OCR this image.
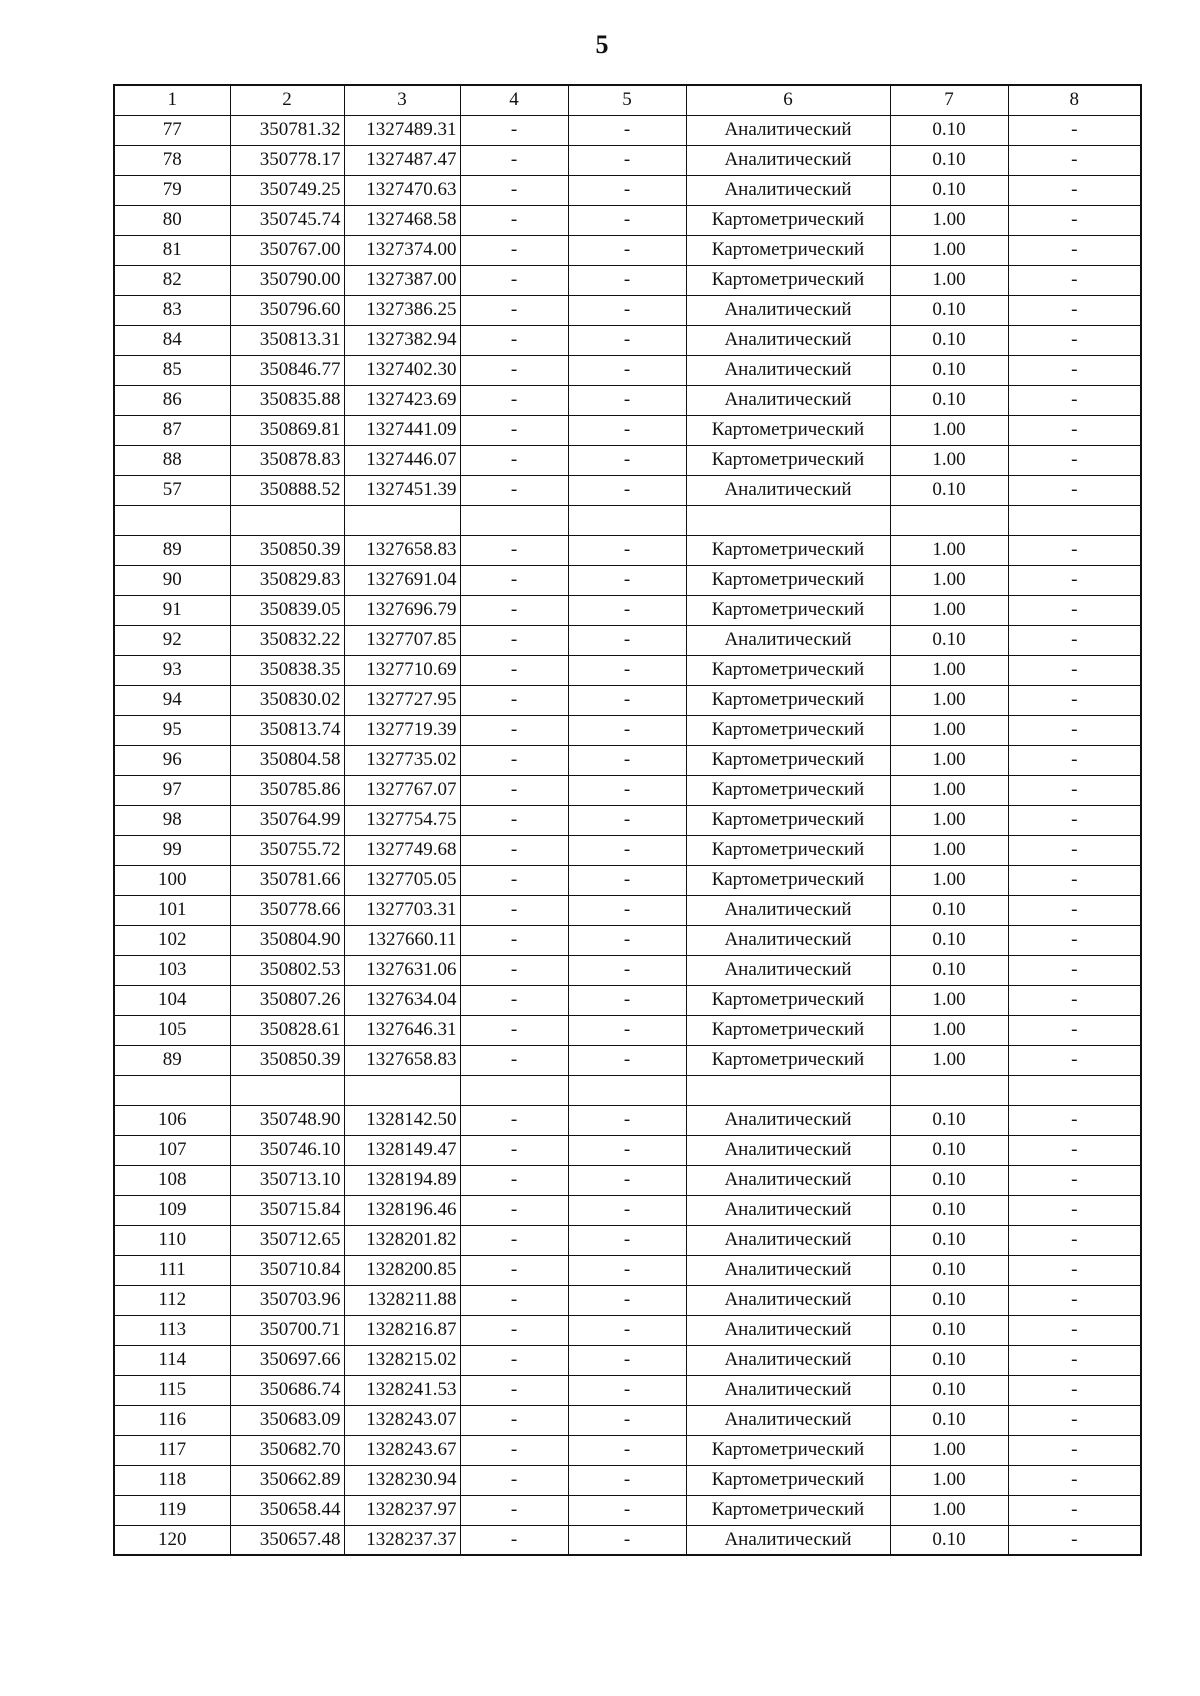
5
1	2	3	4	5	6	7	8
77	350781.32	1327489.31	-	-	Аналитический	0.10	-
78	350778.17	1327487.47	-	-	Аналитический	0.10	-
79	350749.25	1327470.63	-	-	Аналитический	0.10	-
80	350745.74	1327468.58	-	-	Картометрический	1.00	-
81	350767.00	1327374.00	-	-	Картометрический	1.00	-
82	350790.00	1327387.00	-	-	Картометрический	1.00	-
83	350796.60	1327386.25	-	-	Аналитический	0.10	-
84	350813.31	1327382.94	-	-	Аналитический	0.10	-
85	350846.77	1327402.30	-	-	Аналитический	0.10	-
86	350835.88	1327423.69	-	-	Аналитический	0.10	-
87	350869.81	1327441.09	-	-	Картометрический	1.00	-
88	350878.83	1327446.07	-	-	Картометрический	1.00	-
57	350888.52	1327451.39	-	-	Аналитический	0.10	-

89	350850.39	1327658.83	-	-	Картометрический	1.00	-
90	350829.83	1327691.04	-	-	Картометрический	1.00	-
91	350839.05	1327696.79	-	-	Картометрический	1.00	-
92	350832.22	1327707.85	-	-	Аналитический	0.10	-
93	350838.35	1327710.69	-	-	Картометрический	1.00	-
94	350830.02	1327727.95	-	-	Картометрический	1.00	-
95	350813.74	1327719.39	-	-	Картометрический	1.00	-
96	350804.58	1327735.02	-	-	Картометрический	1.00	-
97	350785.86	1327767.07	-	-	Картометрический	1.00	-
98	350764.99	1327754.75	-	-	Картометрический	1.00	-
99	350755.72	1327749.68	-	-	Картометрический	1.00	-
100	350781.66	1327705.05	-	-	Картометрический	1.00	-
101	350778.66	1327703.31	-	-	Аналитический	0.10	-
102	350804.90	1327660.11	-	-	Аналитический	0.10	-
103	350802.53	1327631.06	-	-	Аналитический	0.10	-
104	350807.26	1327634.04	-	-	Картометрический	1.00	-
105	350828.61	1327646.31	-	-	Картометрический	1.00	-
89	350850.39	1327658.83	-	-	Картометрический	1.00	-

106	350748.90	1328142.50	-	-	Аналитический	0.10	-
107	350746.10	1328149.47	-	-	Аналитический	0.10	-
108	350713.10	1328194.89	-	-	Аналитический	0.10	-
109	350715.84	1328196.46	-	-	Аналитический	0.10	-
110	350712.65	1328201.82	-	-	Аналитический	0.10	-
111	350710.84	1328200.85	-	-	Аналитический	0.10	-
112	350703.96	1328211.88	-	-	Аналитический	0.10	-
113	350700.71	1328216.87	-	-	Аналитический	0.10	-
114	350697.66	1328215.02	-	-	Аналитический	0.10	-
115	350686.74	1328241.53	-	-	Аналитический	0.10	-
116	350683.09	1328243.07	-	-	Аналитический	0.10	-
117	350682.70	1328243.67	-	-	Картометрический	1.00	-
118	350662.89	1328230.94	-	-	Картометрический	1.00	-
119	350658.44	1328237.97	-	-	Картометрический	1.00	-
120	350657.48	1328237.37	-	-	Аналитический	0.10	-
